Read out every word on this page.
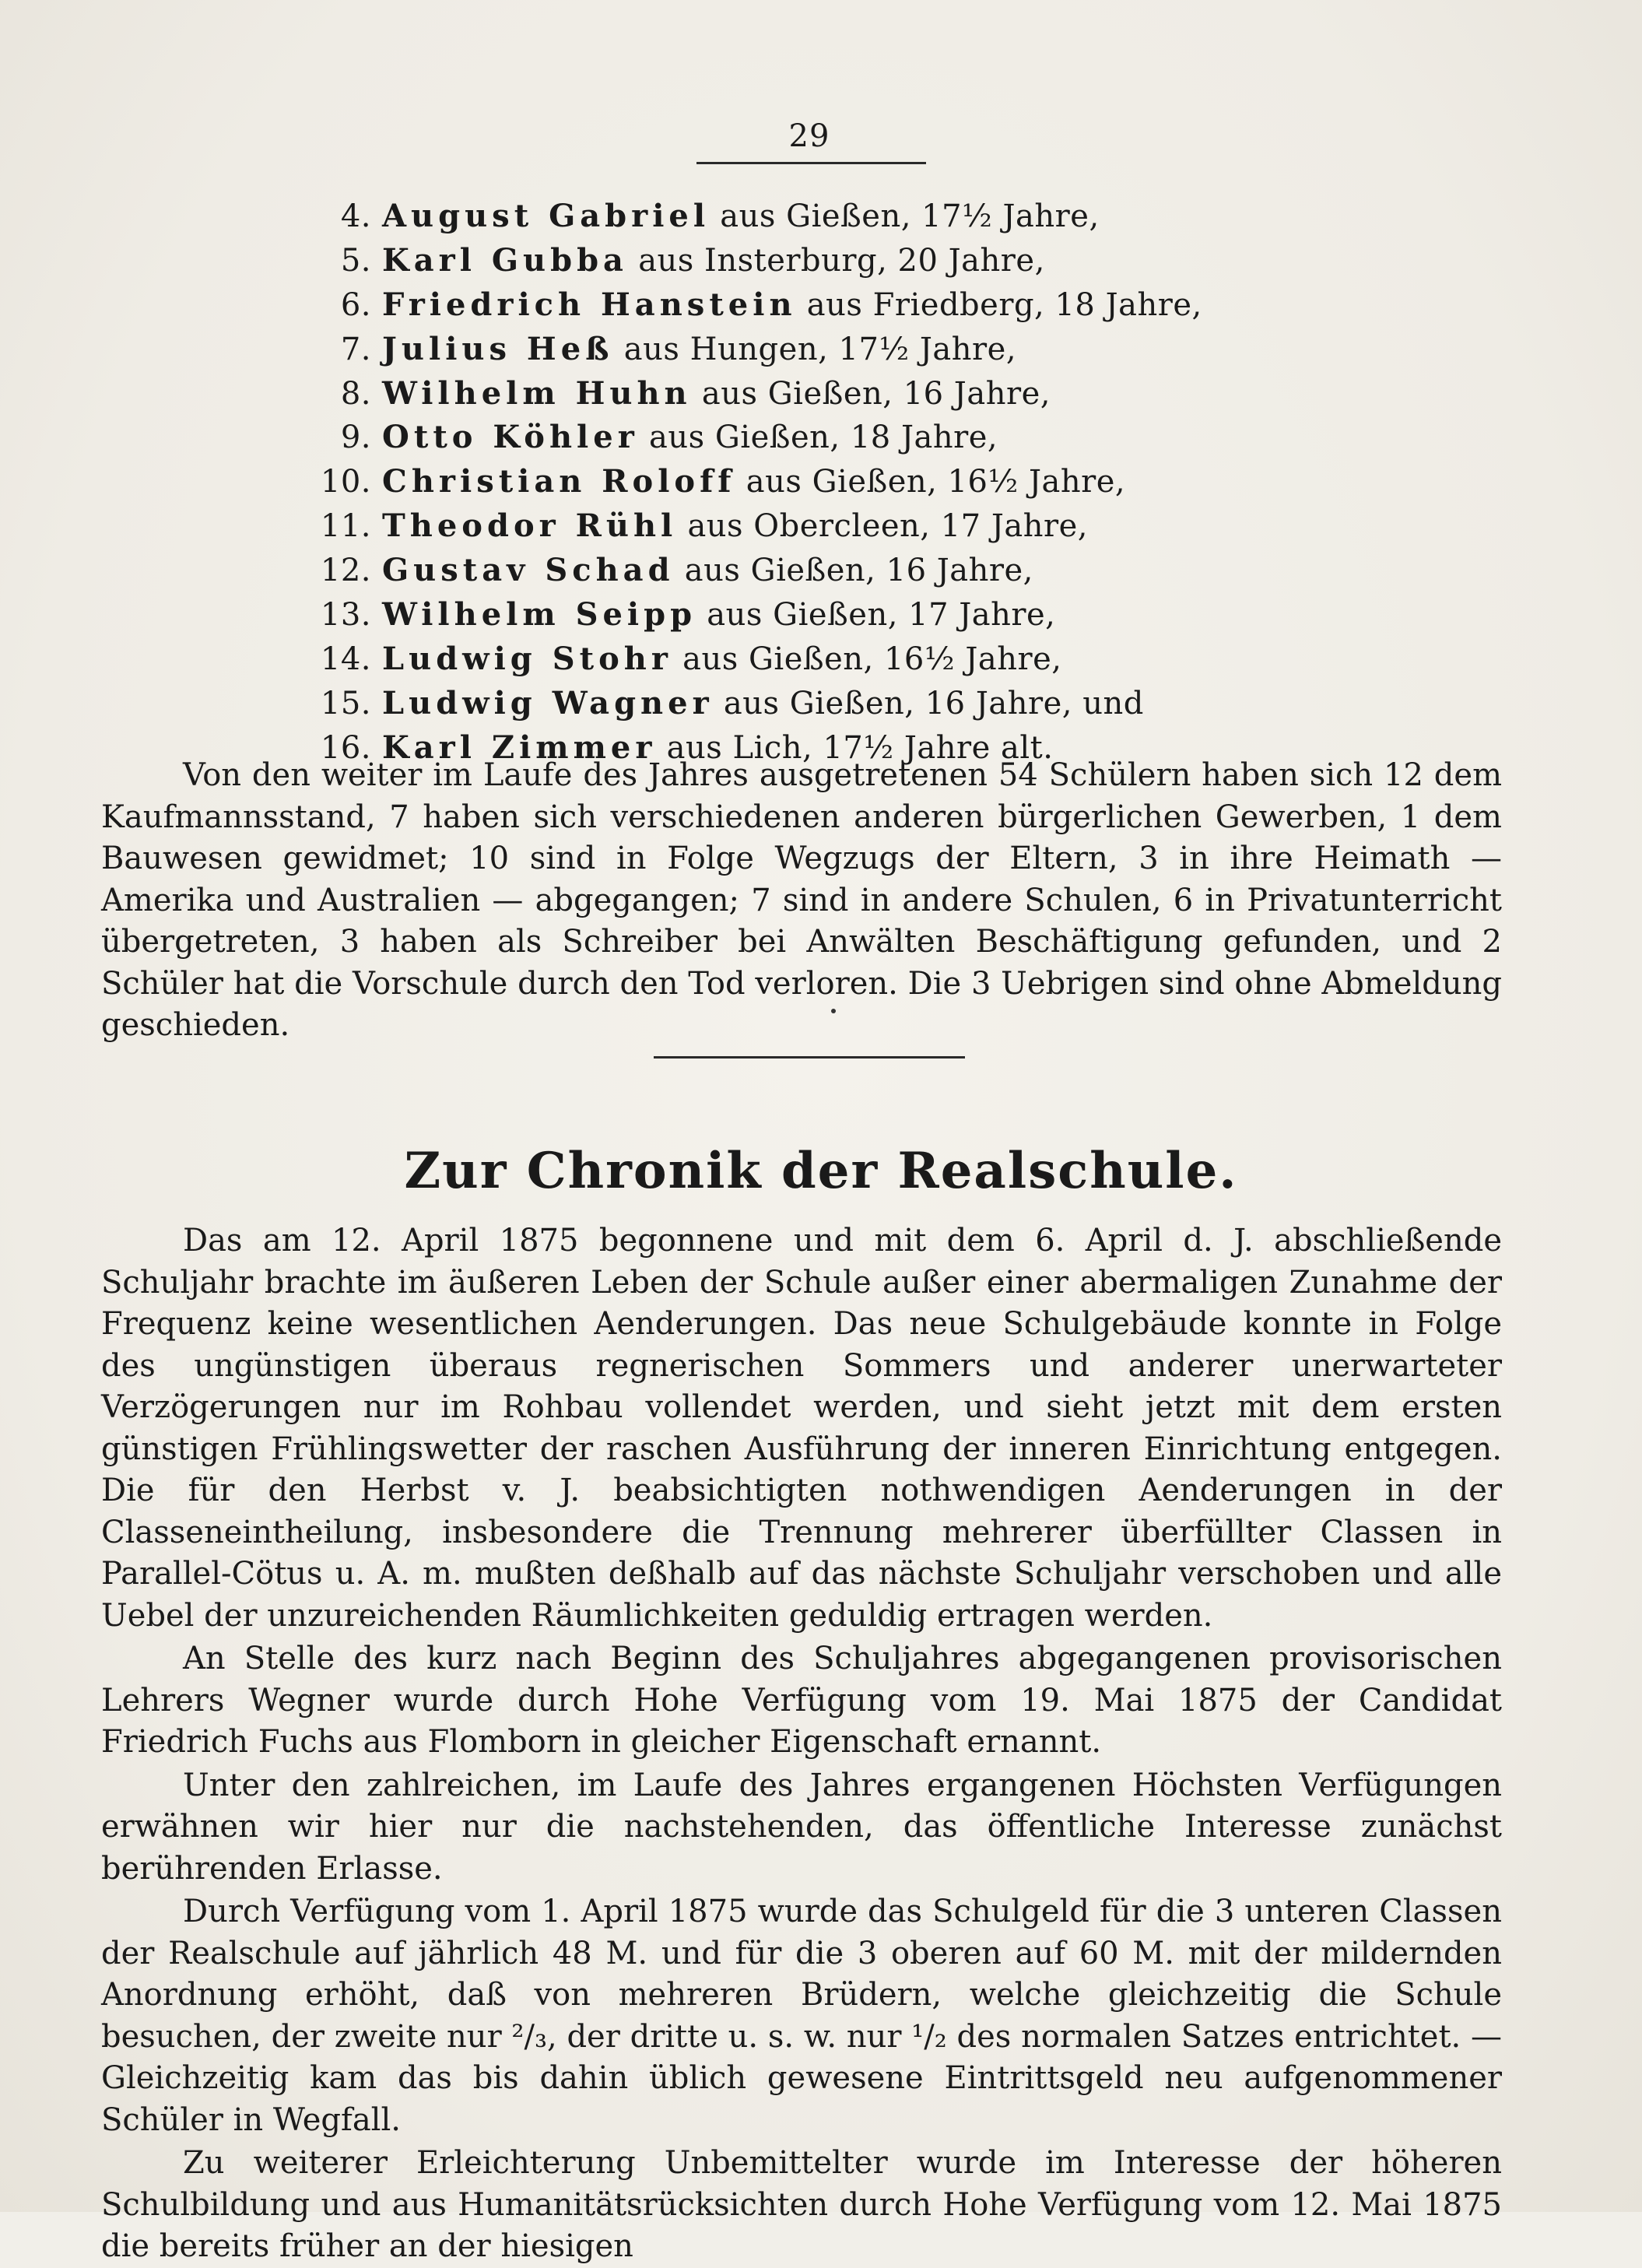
29
4. August Gabriel aus Gießen, 17½ Jahre,
5. Karl Gubba aus Insterburg, 20 Jahre,
6. Friedrich Hanstein aus Friedberg, 18 Jahre,
7. Julius Heß aus Hungen, 17½ Jahre,
8. Wilhelm Huhn aus Gießen, 16 Jahre,
9. Otto Köhler aus Gießen, 18 Jahre,
10. Christian Roloff aus Gießen, 16½ Jahre,
11. Theodor Rühl aus Obercleen, 17 Jahre,
12. Gustav Schad aus Gießen, 16 Jahre,
13. Wilhelm Seipp aus Gießen, 17 Jahre,
14. Ludwig Stohr aus Gießen, 16½ Jahre,
15. Ludwig Wagner aus Gießen, 16 Jahre, und
16. Karl Zimmer aus Lich, 17½ Jahre alt.

Von den weiter im Laufe des Jahres ausgetretenen 54 Schülern haben sich 12 dem Kaufmannsstand, 7 haben sich verschiedenen anderen bürgerlichen Gewerben, 1 dem Bauwesen gewidmet; 10 sind in Folge Wegzugs der Eltern, 3 in ihre Heimath — Amerika und Australien — abgegangen; 7 sind in andere Schulen, 6 in Privatunterricht übergetreten, 3 haben als Schreiber bei Anwälten Beschäftigung gefunden, und 2 Schüler hat die Vorschule durch den Tod verloren. Die 3 Uebrigen sind ohne Abmeldung geschieden.

Zur Chronik der Realschule.

Das am 12. April 1875 begonnene und mit dem 6. April d. J. abschließende Schuljahr brachte im äußeren Leben der Schule außer einer abermaligen Zunahme der Frequenz keine wesentlichen Aenderungen. Das neue Schulgebäude konnte in Folge des ungünstigen überaus regnerischen Sommers und anderer unerwarteter Verzögerungen nur im Rohbau vollendet werden, und sieht jetzt mit dem ersten günstigen Frühlingswetter der raschen Ausführung der inneren Einrichtung entgegen. Die für den Herbst v. J. beabsichtigten nothwendigen Aenderungen in der Classeneintheilung, insbesondere die Trennung mehrerer überfüllter Classen in Parallel-Cötus u. A. m. mußten deßhalb auf das nächste Schuljahr verschoben und alle Uebel der unzureichenden Räumlichkeiten geduldig ertragen werden.

An Stelle des kurz nach Beginn des Schuljahres abgegangenen provisorischen Lehrers Wegner wurde durch Hohe Verfügung vom 19. Mai 1875 der Candidat Friedrich Fuchs aus Flomborn in gleicher Eigenschaft ernannt.

Unter den zahlreichen, im Laufe des Jahres ergangenen Höchsten Verfügungen erwähnen wir hier nur die nachstehenden, das öffentliche Interesse zunächst berührenden Erlasse.

Durch Verfügung vom 1. April 1875 wurde das Schulgeld für die 3 unteren Classen der Realschule auf jährlich 48 M. und für die 3 oberen auf 60 M. mit der mildernden Anordnung erhöht, daß von mehreren Brüdern, welche gleichzeitig die Schule besuchen, der zweite nur ²/₃, der dritte u. s. w. nur ¹/₂ des normalen Satzes entrichtet. — Gleichzeitig kam das bis dahin üblich gewesene Eintrittsgeld neu aufgenommener Schüler in Wegfall.

Zu weiterer Erleichterung Unbemittelter wurde im Interesse der höheren Schulbildung und aus Humanitätsrücksichten durch Hohe Verfügung vom 12. Mai 1875 die bereits früher an der hiesigen
